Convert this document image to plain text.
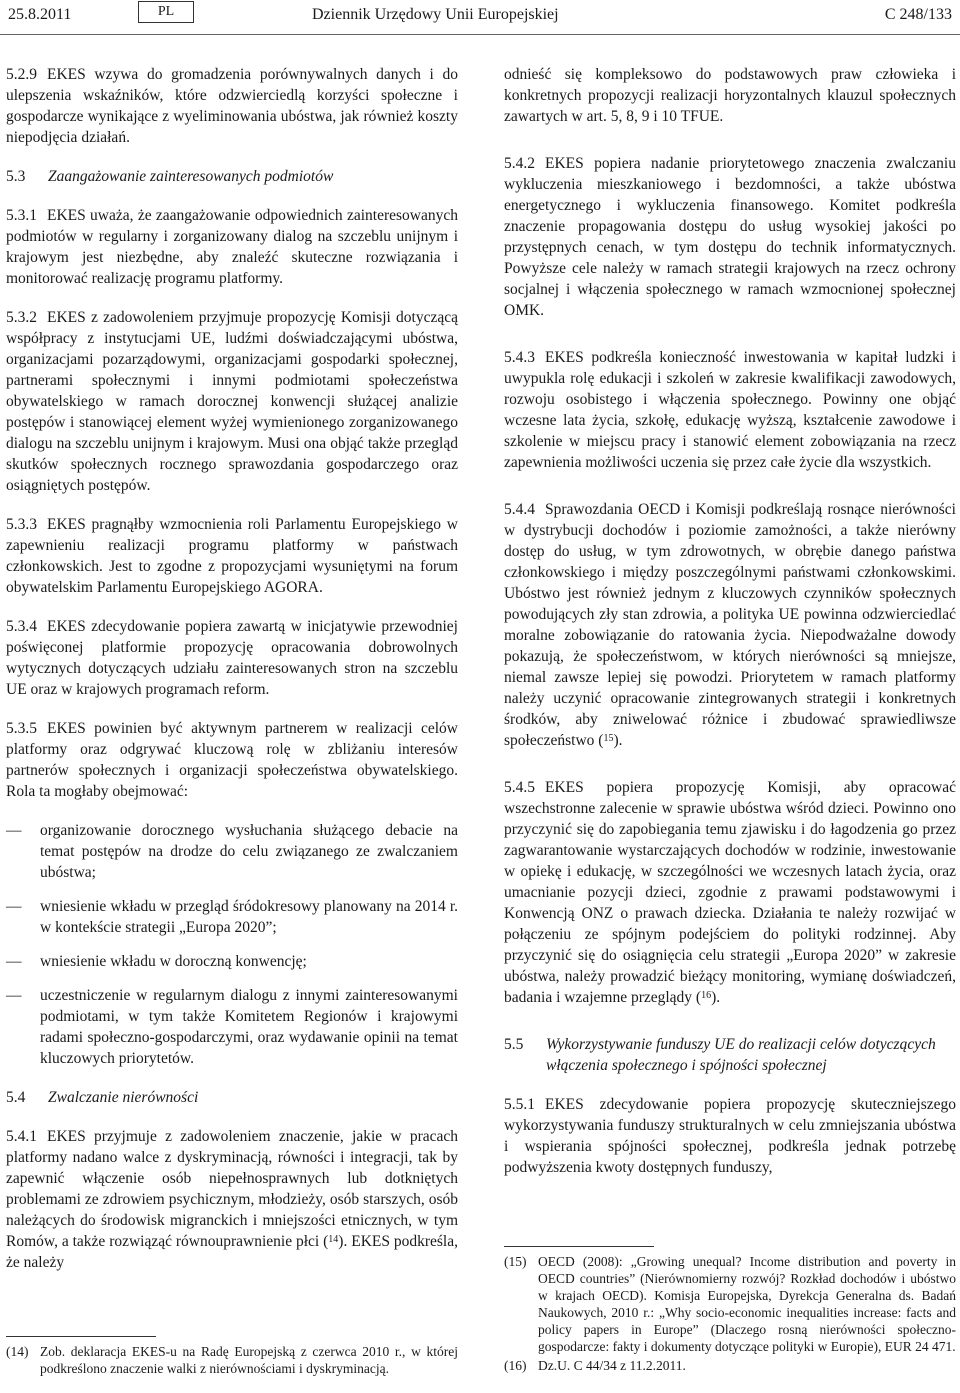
25.8.2011	PL	Dziennik Urzędowy Unii Europejskiej	C 248/133

5.2.9 EKES wzywa do gromadzenia porównywalnych danych i do ulepszenia wskaźników, które odzwierciedlą korzyści społeczne i gospodarcze wynikające z wyeliminowania ubóstwa, jak również koszty niepodjęcia działań.

5.3	Zaangażowanie zainteresowanych podmiotów

5.3.1 EKES uważa, że zaangażowanie odpowiednich zainteresowanych podmiotów w regularny i zorganizowany dialog na szczeblu unijnym i krajowym jest niezbędne, aby znaleźć skuteczne rozwiązania i monitorować realizację programu platformy.

5.3.2 EKES z zadowoleniem przyjmuje propozycję Komisji dotyczącą współpracy z instytucjami UE, ludźmi doświadczającymi ubóstwa, organizacjami pozarządowymi, organizacjami gospodarki społecznej, partnerami społecznymi i innymi podmiotami społeczeństwa obywatelskiego w ramach dorocznej konwencji służącej analizie postępów i stanowiącej element wyżej wymienionego zorganizowanego dialogu na szczeblu unijnym i krajowym. Musi ona objąć także przegląd skutków społecznych rocznego sprawozdania gospodarczego oraz osiągniętych postępów.

5.3.3 EKES pragnąłby wzmocnienia roli Parlamentu Europejskiego w zapewnieniu realizacji programu platformy w państwach członkowskich. Jest to zgodne z propozycjami wysuniętymi na forum obywatelskim Parlamentu Europejskiego AGORA.

5.3.4 EKES zdecydowanie popiera zawartą w inicjatywie przewodniej poświęconej platformie propozycję opracowania dobrowolnych wytycznych dotyczących udziału zainteresowanych stron na szczeblu UE oraz w krajowych programach reform.

5.3.5 EKES powinien być aktywnym partnerem w realizacji celów platformy oraz odgrywać kluczową rolę w zbliżaniu interesów partnerów społecznych i organizacji społeczeństwa obywatelskiego. Rola ta mogłaby obejmować:

—	organizowanie dorocznego wysłuchania służącego debacie na temat postępów na drodze do celu związanego ze zwalczaniem ubóstwa;

—	wniesienie wkładu w przegląd śródokresowy planowany na 2014 r. w kontekście strategii „Europa 2020”;

—	wniesienie wkładu w doroczną konwencję;

—	uczestniczenie w regularnym dialogu z innymi zainteresowanymi podmiotami, w tym także Komitetem Regionów i krajowymi radami społeczno-gospodarczymi, oraz wydawanie opinii na temat kluczowych priorytetów.

5.4	Zwalczanie nierówności

5.4.1 EKES przyjmuje z zadowoleniem znaczenie, jakie w pracach platformy nadano walce z dyskryminacją, równości i integracji, tak by zapewnić włączenie osób niepełnosprawnych lub dotkniętych problemami ze zdrowiem psychicznym, młodzieży, osób starszych, osób należących do środowisk migranckich i mniejszości etnicznych, w tym Romów, a także rozwiąząć równouprawnienie płci ($^{14}$). EKES podkreśla, że należy

(14) Zob. deklaracja EKES-u na Radę Europejską z czerwca 2010 r., w której podkreślono znaczenie walki z nierównościami i dyskryminacją.

odnieść się kompleksowo do podstawowych praw człowieka i konkretnych propozycji realizacji horyzontalnych klauzul społecznych zawartych w art. 5, 8, 9 i 10 TFUE.

5.4.2 EKES popiera nadanie priorytetowego znaczenia zwalczaniu wykluczenia mieszkaniowego i bezdomności, a także ubóstwa energetycznego i wykluczenia finansowego. Komitet podkreśla znaczenie propagowania dostępu do usług wysokiej jakości po przystępnych cenach, w tym dostępu do technik informatycznych. Powyższe cele należy w ramach strategii krajowych na rzecz ochrony socjalnej i włączenia społecznego w ramach wzmocnionej społecznej OMK.

5.4.3 EKES podkreśla konieczność inwestowania w kapitał ludzki i uwypukla rolę edukacji i szkoleń w zakresie kwalifikacji zawodowych, rozwoju osobistego i włączenia społecznego. Powinny one objąć wczesne lata życia, szkołę, edukację wyższą, kształcenie zawodowe i szkolenie w miejscu pracy i stanowić element zobowiązania na rzecz zapewnienia możliwości uczenia się przez całe życie dla wszystkich.

5.4.4 Sprawozdania OECD i Komisji podkreślają rosnące nierówności w dystrybucji dochodów i poziomie zamożności, a także nierówny dostęp do usług, w tym zdrowotnych, w obrębie danego państwa członkowskiego i między poszczególnymi państwami członkowskimi. Ubóstwo jest również jednym z kluczowych czynników społecznych powodujących zły stan zdrowia, a polityka UE powinna odzwierciedlać moralne zobowiązanie do ratowania życia. Niepodważalne dowody pokazują, że społeczeństwom, w których nierówności są mniejsze, niemal zawsze lepiej się powodzi. Priorytetem w ramach platformy należy uczynić opracowanie zintegrowanych strategii i konkretnych środków, aby zniwelować różnice i zbudować sprawiedliwsze społeczeństwo ($^{15}$).

5.4.5 EKES popiera propozycję Komisji, aby opracować wszechstronne zalecenie w sprawie ubóstwa wśród dzieci. Powinno ono przyczynić się do zapobiegania temu zjawisku i do łagodzenia go przez zagwarantowanie wystarczających dochodów w rodzinie, inwestowanie w opiekę i edukację, w szczególności we wczesnych latach życia, oraz umacnianie pozycji dzieci, zgodnie z prawami podstawowymi i Konwencją ONZ o prawach dziecka. Działania te należy rozwijać w połączeniu ze spójnym podejściem do polityki rodzinnej. Aby przyczynić się do osiągnięcia celu strategii „Europa 2020” w zakresie ubóstwa, należy prowadzić bieżący monitoring, wymianę doświadczeń, badania i wzajemne przeglądy ($^{16}$).

5.5	Wykorzystywanie funduszy UE do realizacji celów dotyczących włączenia społecznego i spójności społecznej

5.5.1 EKES zdecydowanie popiera propozycję skuteczniejszego wykorzystywania funduszy strukturalnych w celu zmniejszania ubóstwa i wspierania spójności społecznej, podkreśla jednak potrzebę podwyższenia kwoty dostępnych funduszy,

(15) OECD (2008): „Growing unequal? Income distribution and poverty in OECD countries” (Nierównomierny rozwój? Rozkład dochodów i ubóstwo w krajach OECD). Komisja Europejska, Dyrekcja Generalna ds. Badań Naukowych, 2010 r.: „Why socio-economic inequalities increase: facts and policy papers in Europe” (Dlaczego rosną nierówności społeczno-gospodarcze: fakty i dokumenty dotyczące polityki w Europie), EUR 24 471.
(16) Dz.U. C 44/34 z 11.2.2011.
